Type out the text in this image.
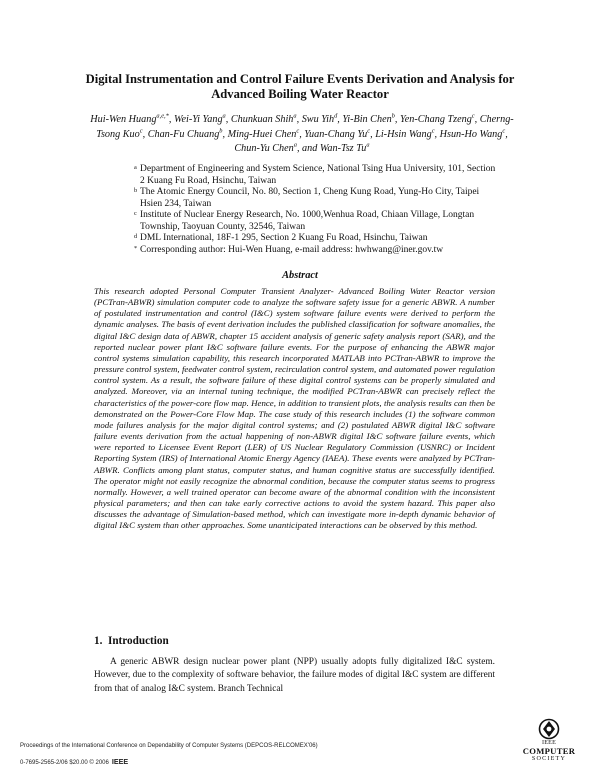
Digital Instrumentation and Control Failure Events Derivation and Analysis for Advanced Boiling Water Reactor
Hui-Wen Huang$^{a,e,*}$, Wei-Yi Yang$^a$, Chunkuan Shih$^a$, Swu Yih$^d$, Yi-Bin Chen$^b$, Yen-Chang Tzeng$^c$, Cherng-Tsong Kuo$^c$, Chan-Fu Chuang$^b$, Ming-Huei Chen$^c$, Yuan-Chang Yu$^c$, Li-Hsin Wang$^c$, Hsun-Ho Wang$^c$, Chun-Yu Chen$^a$, and Wan-Tsz Tu$^a$
a Department of Engineering and System Science, National Tsing Hua University, 101, Section 2 Kuang Fu Road, Hsinchu, Taiwan
b The Atomic Energy Council, No. 80, Section 1, Cheng Kung Road, Yung-Ho City, Taipei Hsien 234, Taiwan
c Institute of Nuclear Energy Research, No. 1000,Wenhua Road, Chiaan Village, Longtan Township, Taoyuan County, 32546, Taiwan
d DML International, 18F-1 295, Section 2 Kuang Fu Road, Hsinchu, Taiwan
* Corresponding author: Hui-Wen Huang, e-mail address: hwhwang@iner.gov.tw
Abstract
This research adopted Personal Computer Transient Analyzer- Advanced Boiling Water Reactor version (PCTran-ABWR) simulation computer code to analyze the software safety issue for a generic ABWR. A number of postulated instrumentation and control (I&C) system software failure events were derived to perform the dynamic analyses. The basis of event derivation includes the published classification for software anomalies, the digital I&C design data of ABWR, chapter 15 accident analysis of generic safety analysis report (SAR), and the reported nuclear power plant I&C software failure events. For the purpose of enhancing the ABWR major control systems simulation capability, this research incorporated MATLAB into PCTran-ABWR to improve the pressure control system, feedwater control system, recirculation control system, and automated power regulation control system. As a result, the software failure of these digital control systems can be properly simulated and analyzed. Moreover, via an internal tuning technique, the modified PCTran-ABWR can precisely reflect the characteristics of the power-core flow map. Hence, in addition to transient plots, the analysis results can then be demonstrated on the Power-Core Flow Map. The case study of this research includes (1) the software common mode failures analysis for the major digital control systems; and (2) postulated ABWR digital I&C software failure events derivation from the actual happening of non-ABWR digital I&C software failure events, which were reported to Licensee Event Report (LER) of US Nuclear Regulatory Commission (USNRC) or Incident Reporting System (IRS) of International Atomic Energy Agency (IAEA). These events were analyzed by PCTran-ABWR. Conflicts among plant status, computer status, and human cognitive status are successfully identified. The operator might not easily recognize the abnormal condition, because the computer status seems to progress normally. However, a well trained operator can become aware of the abnormal condition with the inconsistent physical parameters; and then can take early corrective actions to avoid the system hazard. This paper also discusses the advantage of Simulation-based method, which can investigate more in-depth dynamic behavior of digital I&C system than other approaches. Some unanticipated interactions can be observed by this method.
1. Introduction
A generic ABWR design nuclear power plant (NPP) usually adopts fully digitalized I&C system. However, due to the complexity of software behavior, the failure modes of digital I&C system are different from that of analog I&C system. Branch Technical
Proceedings of the International Conference on Dependability of Computer Systems (DEPCOS-RELCOMEX'06)
0-7695-2565-2/06 $20.00 © 2006 IEEE
IEEE
COMPUTER
SOCIETY
